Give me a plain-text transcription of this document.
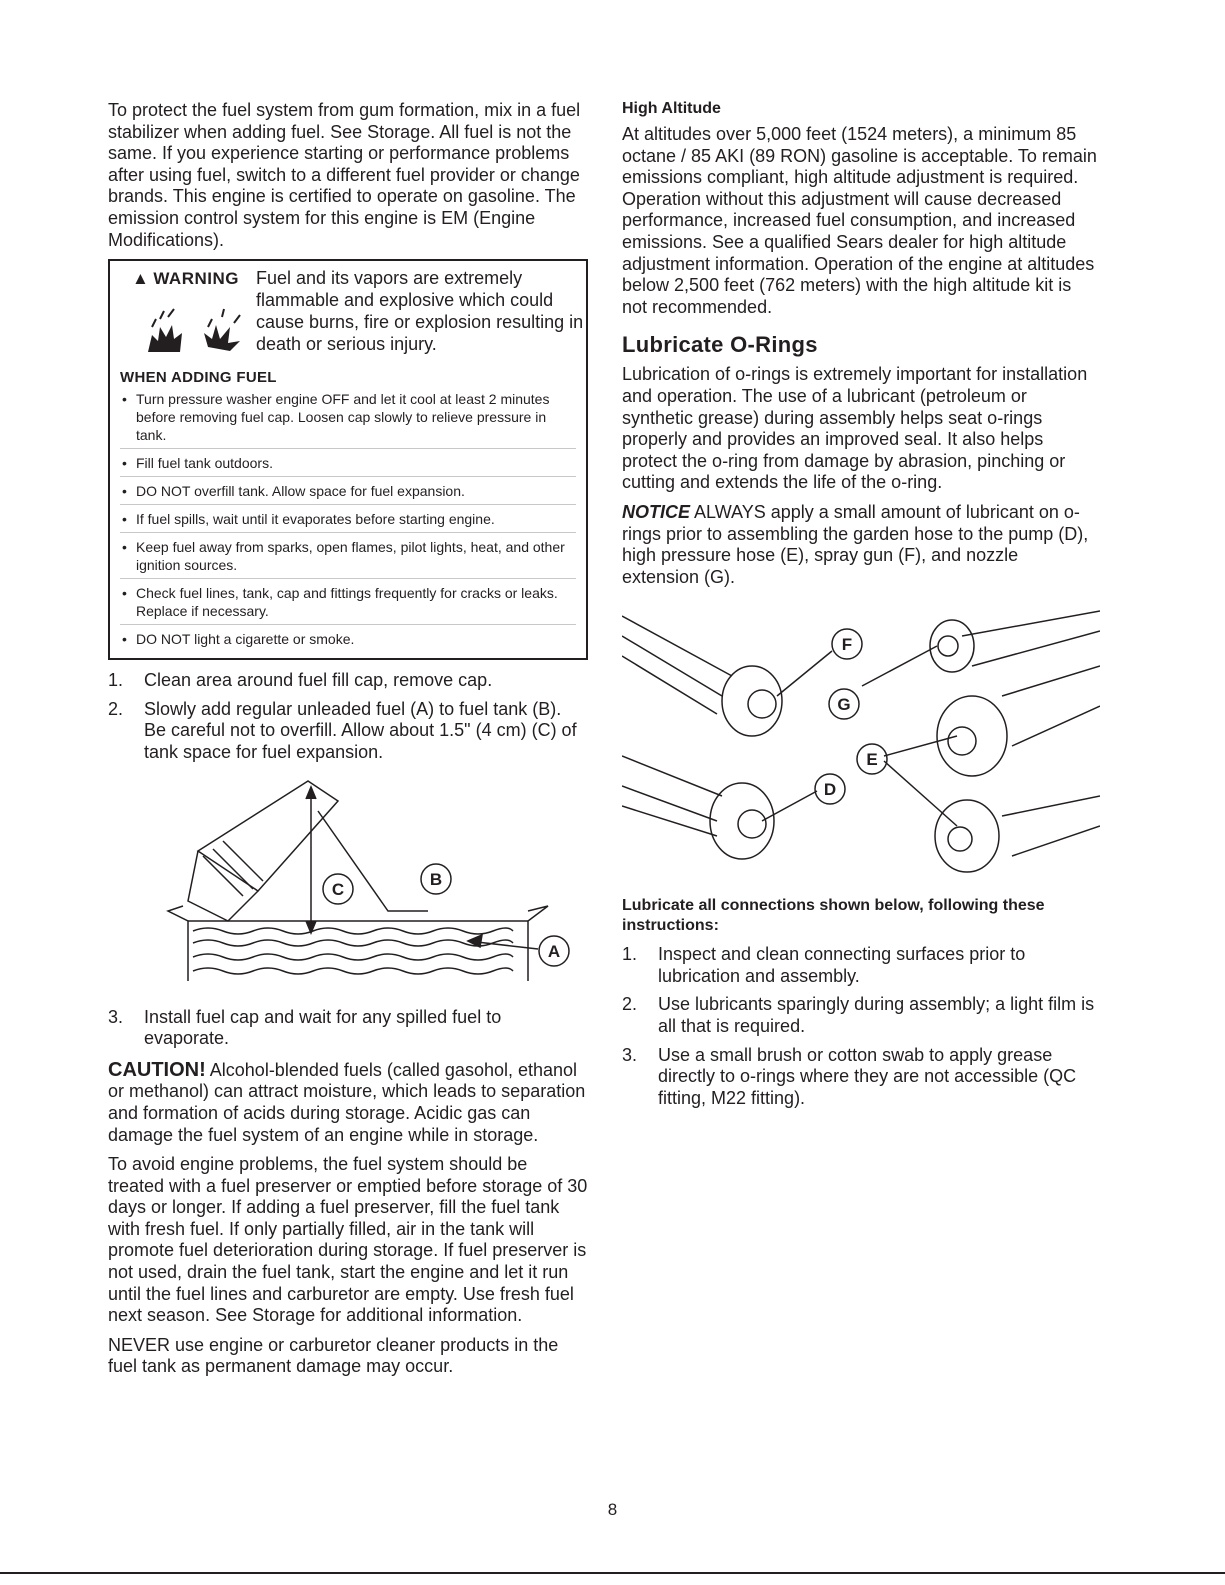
To protect the fuel system from gum formation, mix in a fuel stabilizer when adding fuel. See Storage. All fuel is not the same. If you experience starting or performance problems after using fuel, switch to a different fuel provider or change brands. This engine is certified to operate on gasoline. The emission control system for this engine is EM (Engine Modifications).

▲ WARNING Fuel and its vapors are extremely flammable and explosive which could cause burns, fire or explosion resulting in death or serious injury.

WHEN ADDING FUEL
• Turn pressure washer engine OFF and let it cool at least 2 minutes before removing fuel cap. Loosen cap slowly to relieve pressure in tank.
• Fill fuel tank outdoors.
• DO NOT overfill tank. Allow space for fuel expansion.
• If fuel spills, wait until it evaporates before starting engine.
• Keep fuel away from sparks, open flames, pilot lights, heat, and other ignition sources.
• Check fuel lines, tank, cap and fittings frequently for cracks or leaks. Replace if necessary.
• DO NOT light a cigarette or smoke.
1. Clean area around fuel fill cap, remove cap.
2. Slowly add regular unleaded fuel (A) to fuel tank (B). Be careful not to overfill. Allow about 1.5" (4 cm) (C) of tank space for fuel expansion.
C
B
A
3. Install fuel cap and wait for any spilled fuel to evaporate.

CAUTION! Alcohol-blended fuels (called gasohol, ethanol or methanol) can attract moisture, which leads to separation and formation of acids during storage. Acidic gas can damage the fuel system of an engine while in storage.

To avoid engine problems, the fuel system should be treated with a fuel preserver or emptied before storage of 30 days or longer. If adding a fuel preserver, fill the fuel tank with fresh fuel. If only partially filled, air in the tank will promote fuel deterioration during storage. If fuel preserver is not used, drain the fuel tank, start the engine and let it run until the fuel lines and carburetor are empty. Use fresh fuel next season. See Storage for additional information.

NEVER use engine or carburetor cleaner products in the fuel tank as permanent damage may occur.

High Altitude

At altitudes over 5,000 feet (1524 meters), a minimum 85 octane / 85 AKI (89 RON) gasoline is acceptable. To remain emissions compliant, high altitude adjustment is required. Operation without this adjustment will cause decreased performance, increased fuel consumption, and increased emissions. See a qualified Sears dealer for high altitude adjustment information. Operation of the engine at altitudes below 2,500 feet (762 meters) with the high altitude kit is not recommended.

Lubricate O-Rings

Lubrication of o-rings is extremely important for installation and operation. The use of a lubricant (petroleum or synthetic grease) during assembly helps seat o-rings properly and provides an improved seal. It also helps protect the o-ring from damage by abrasion, pinching or cutting and extends the life of the o-ring.

NOTICE ALWAYS apply a small amount of lubricant on o-rings prior to assembling the garden hose to the pump (D), high pressure hose (E), spray gun (F), and nozzle extension (G).

F
G
E
D
Lubricate all connections shown below, following these instructions:
1. Inspect and clean connecting surfaces prior to lubrication and assembly.
2. Use lubricants sparingly during assembly; a light film is all that is required.
3. Use a small brush or cotton swab to apply grease directly to o-rings where they are not accessible (QC fitting, M22 fitting).
8
